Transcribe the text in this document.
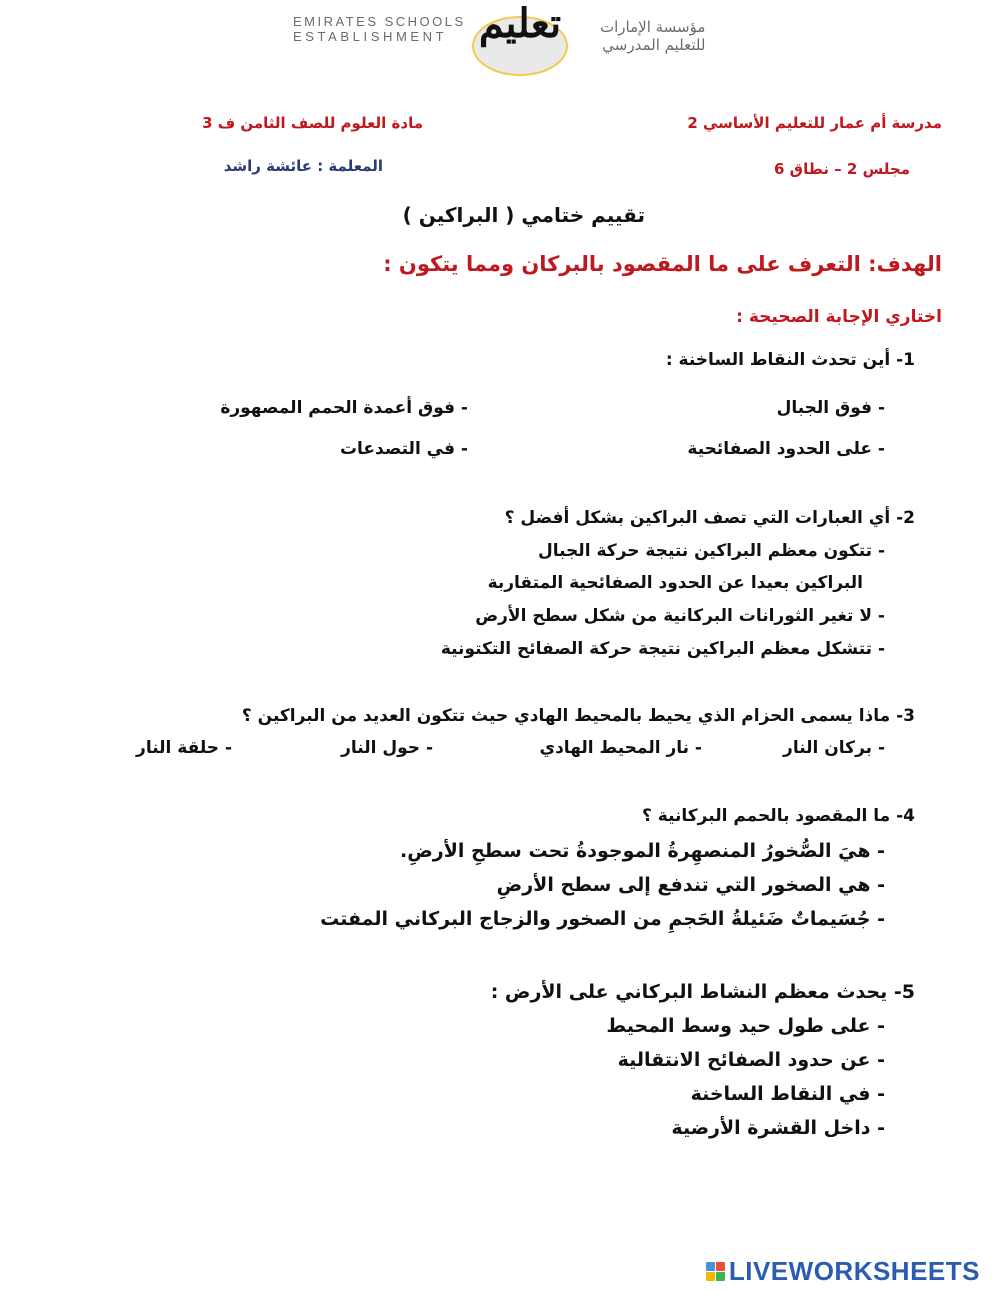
EMIRATES SCHOOLS
ESTABLISHMENT تعليم	مؤسسة الإمارات
للتعليم المدرسي
مدرسة أم عمار للتعليم الأساسي 2
مادة العلوم للصف الثامن ف 3
مجلس 2 – نطاق 6
المعلمة : عائشة راشد
تقييم ختامي ( البراكين )
الهدف: التعرف على ما المقصود بالبركان ومما يتكون :
اختاري الإجابة الصحيحة :
1- أين تحدث النقاط الساخنة :
- فوق الجبال
- فوق أعمدة الحمم المصهورة
- على الحدود الصفائحية
- في التصدعات
2- أي العبارات التي تصف البراكين بشكل أفضل ؟
- تتكون معظم البراكين نتيجة حركة الجبال
البراكين بعيدا عن الحدود الصفائحية المتقاربة
- لا تغير الثورانات البركانية من شكل سطح الأرض
- تتشكل معظم البراكين نتيجة حركة الصفائح التكتونية
3- ماذا يسمى الحزام الذي يحيط بالمحيط الهادي حيث تتكون العديد من البراكين ؟
- بركان النار
- نار المحيط الهادي
- حول النار
- حلقة النار
4- ما المقصود بالحمم البركانية ؟
- هيَ الصُّخورُ المنصهِرةُ الموجودةُ تحت سطحِ الأرضِ.
- هي الصخور التي تندفع إلى سطح الأرضِ
- جُسَيماتٌ ضَئيلةُ الحَجمِ من الصخور والزجاج البركاني المفتت
5- يحدث معظم النشاط البركاني على الأرض :
- على طول حيد وسط المحيط
- عن حدود الصفائح الانتقالية
- في النقاط الساخنة
- داخل القشرة الأرضية
LIVEWORKSHEETS
